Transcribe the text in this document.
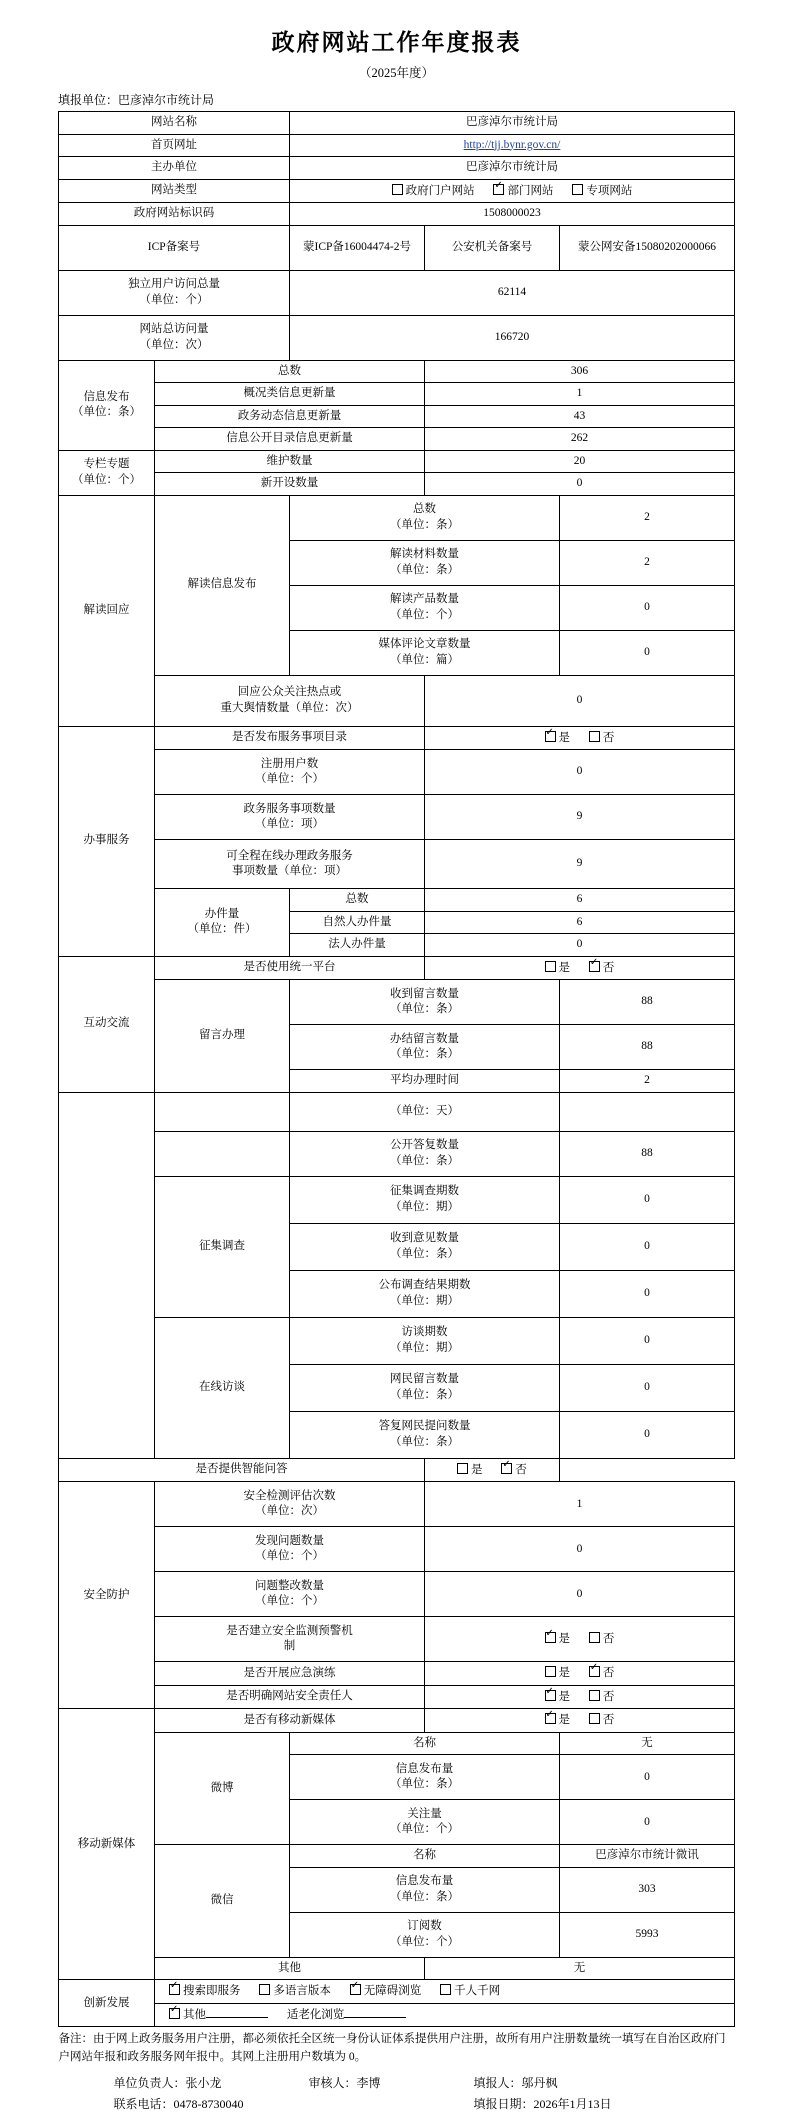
政府网站工作年度报表
（2025年度）
填报单位：巴彦淖尔市统计局
网站名称		巴彦淖尔市统计局		
首页网址		http://tjj.bynr.gov.cn/		
主办单位		巴彦淖尔市统计局		
网站类型		政府门户网站 ✓ 部门网站 专项网站
政府网站标识码		1508000023		
ICP备案号		蒙ICP备16004474-2号	公安机关备案号	蒙公网安备15080202000066

独立用户访问总量
（单位：个）		62114		

网站总访问量
（单位：次）		166720		

信息发布
（单位：条）	总数		306	
	概况类信息更新量		1	
	政务动态信息更新量		43	
	信息公开目录信息更新量		262	

专栏专题
（单位：个）	维护数量		20	
	新开设数量		0	
解读回应	解读信息发布	总数
（单位：条）		2

		解读材料数量
（单位：条）		2

		解读产品数量
（单位：个）		0

		媒体评论文章数量
（单位：篇）		0

	回应公众关注热点或
重大舆情数量（单位：次）		0	
办事服务	是否发布服务事项目录	✓是 否

	注册用户数
（单位：个）		0	

	政务服务事项数量
（单位：项）		9	

	可全程在线办理政务服务
事项数量（单位：项）		9	

	办件量
（单位：件）	总数	6	
		自然人办件量	6	
		法人办件量	0	
互动交流	是否使用统一平台		是 ✓ 否
	留言办理	收到留言数量
（单位：条）		88

		办结留言数量
（单位：条）		88
		平均办理时间		2

		（单位：天）		

		公开答复数量
（单位：条）		88
	征集调查	征集调查期数
（单位：期）		0

		收到意见数量
（单位：条）		0

		公布调查结果期数
（单位：期）		0
	在线访谈	访谈期数
（单位：期）		0

		网民留言数量
（单位：条）		0

		答复网民提问数量
（单位：条）		0
是否提供智能问答			是 ✓ 否
安全防护	安全检测评估次数
（单位：次）		1	

	发现问题数量
（单位：个）		0	

	问题整改数量
（单位：个）		0	

	是否建立安全监测预警机
制
	✓是 否
	是否开展应急演练		是 ✓ 否
	是否明确网站安全责任人	✓是 否
移动新媒体	是否有移动新媒体	✓是 否
	微博	名称		无

		信息发布量
（单位：条）		0

		关注量
（单位：个）		0
	微信	名称		巴彦淖尔市统计微讯

		信息发布量
（单位：条）		303

		订阅数
（单位：个）		5993
	其他		无	
创新发展	✓搜索即服务 多语言版本 ✓ 无障碍浏览 千人千网
✓其他 适老化浏览
备注：由于网上政务服务用户注册，都必须依托全区统一身份认证体系提供用户注册，故所有用户注册数量统一填写在自治区政府门户网站年报和政务服务网年报中。其网上注册用户数填为 0。
单位负责人：张小龙	审核人：李博	填报人：邬丹枫
联系电话：0478-8730040	填报日期：2026年1月13日
